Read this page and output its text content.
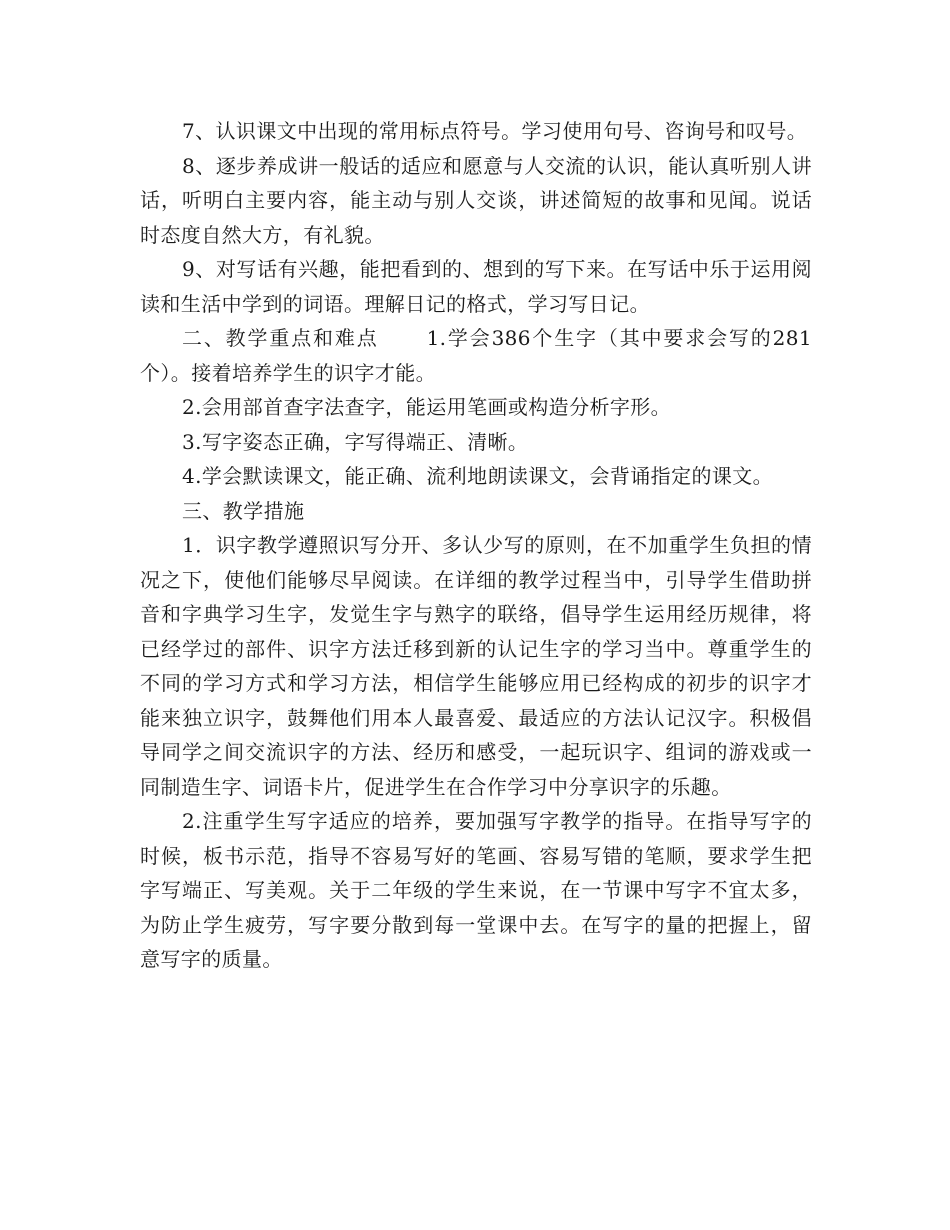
7、认识课文中出现的常用标点符号。学习使用句号、咨询号和叹号。

8、逐步养成讲一般话的适应和愿意与人交流的认识，能认真听别人讲话，听明白主要内容，能主动与别人交谈，讲述简短的故事和见闻。说话时态度自然大方，有礼貌。

9、对写话有兴趣，能把看到的、想到的写下来。在写话中乐于运用阅读和生活中学到的词语。理解日记的格式，学习写日记。

二、教学重点和难点 1.学会386个生字（其中要求会写的281个）。接着培养学生的识字才能。

2.会用部首查字法查字，能运用笔画或构造分析字形。

3.写字姿态正确，字写得端正、清晰。

4.学会默读课文，能正确、流利地朗读课文，会背诵指定的课文。

三、教学措施

1．识字教学遵照识写分开、多认少写的原则，在不加重学生负担的情况之下，使他们能够尽早阅读。在详细的教学过程当中，引导学生借助拼音和字典学习生字，发觉生字与熟字的联络，倡导学生运用经历规律，将已经学过的部件、识字方法迁移到新的认记生字的学习当中。尊重学生的不同的学习方式和学习方法，相信学生能够应用已经构成的初步的识字才能来独立识字，鼓舞他们用本人最喜爱、最适应的方法认记汉字。积极倡导同学之间交流识字的方法、经历和感受，一起玩识字、组词的游戏或一同制造生字、词语卡片，促进学生在合作学习中分享识字的乐趣。

2.注重学生写字适应的培养，要加强写字教学的指导。在指导写字的时候，板书示范，指导不容易写好的笔画、容易写错的笔顺，要求学生把字写端正、写美观。关于二年级的学生来说，在一节课中写字不宜太多，为防止学生疲劳，写字要分散到每一堂课中去。在写字的量的把握上，留意写字的质量。
